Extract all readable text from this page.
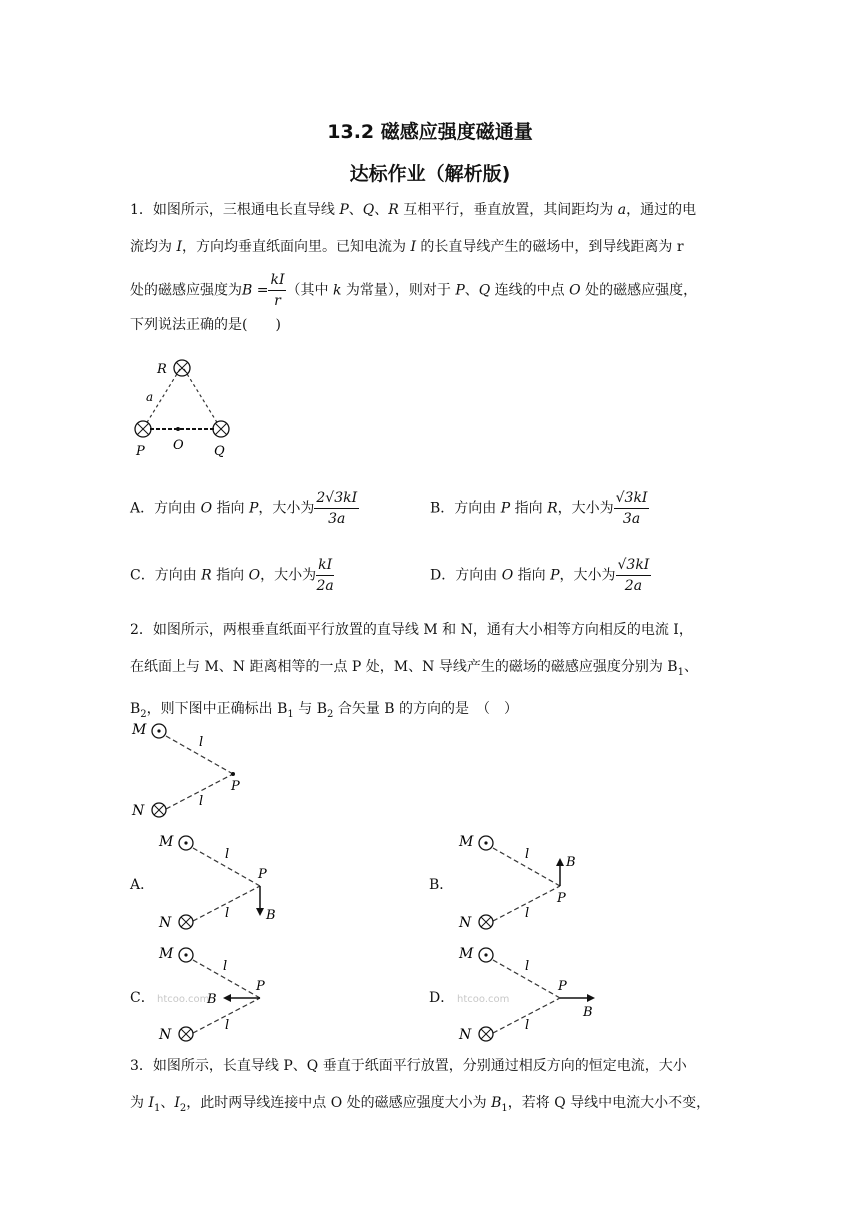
13.2 磁感应强度磁通量
达标作业（解析版)
1．如图所示，三根通电长直导线 P、Q、R 互相平行，垂直放置，其间距均为 a，通过的电
流均为 I，方向均垂直纸面向里。已知电流为 I 的长直导线产生的磁场中，到导线距离为 r
处的磁感应强度为$B = \frac{kI}{r}$ （其中 k 为常量），则对于 P、Q 连线的中点 O 处的磁感应强度，
下列说法正确的是(　　)
R
a
P O Q
A．方向由 O 指向 P，大小为 $\frac{2√3kI}{3a}$	B．方向由 P 指向 R，大小为 $\frac{√3kI}{3a}$
C．方向由 R 指向 O，大小为 $\frac{kI}{2a}$	D．方向由 O 指向 P，大小为 $\frac{√3kI}{2a}$
2．如图所示，两根垂直纸面平行放置的直导线 M 和 N，通有大小相等方向相反的电流 I，
在纸面上与 M、N 距离相等的一点 P 处，M、N 导线产生的磁场的磁感应强度分别为 $B_1$、
$B_2$，则下图中正确标出 $B_1$ 与 $B_2$ 合矢量 B 的方向的是　（　）
M
N
P
l
l
A．
M
N
P
B
l
l
B．
M
N
P
B
l
l
C． htcoo.com
M
N
P
B
l
l
D． htcoo.com
M
N
P
B
l
l
3．如图所示，长直导线 P、Q 垂直于纸面平行放置，分别通过相反方向的恒定电流，大小
为 $I_1$、$I_2$，此时两导线连接中点 O 处的磁感应强度大小为 $B_1$，若将 Q 导线中电流大小不变，
